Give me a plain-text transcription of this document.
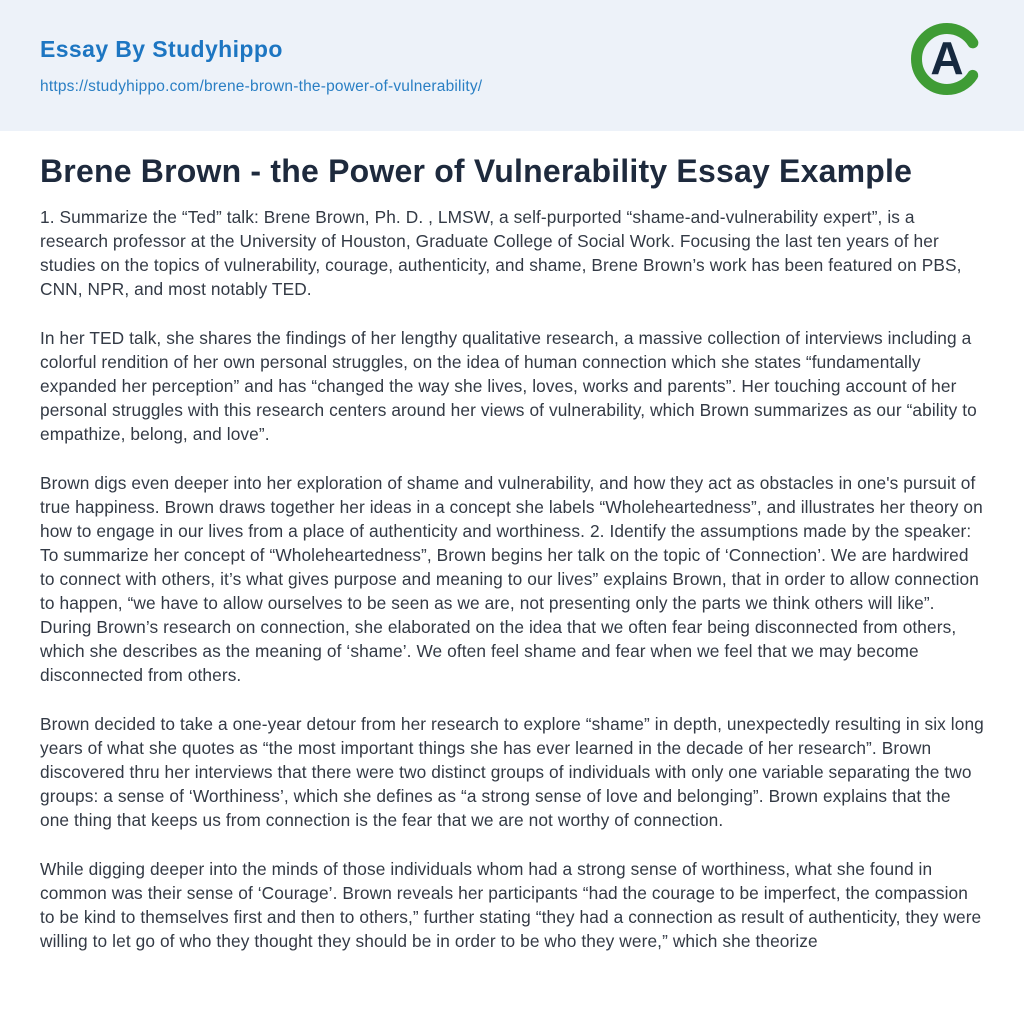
Essay By Studyhippo
https://studyhippo.com/brene-brown-the-power-of-vulnerability/
A
Brene Brown - the Power of Vulnerability Essay Example

1. Summarize the “Ted” talk: Brene Brown, Ph. D. , LMSW, a self-purported “shame-and-vulnerability expert”, is a research professor at the University of Houston, Graduate College of Social Work. Focusing the last ten years of her studies on the topics of vulnerability, courage, authenticity, and shame, Brene Brown’s work has been featured on PBS, CNN, NPR, and most notably TED.

In her TED talk, she shares the findings of her lengthy qualitative research, a massive collection of interviews including a colorful rendition of her own personal struggles, on the idea of human connection which she states “fundamentally expanded her perception” and has “changed the way she lives, loves, works and parents”. Her touching account of her personal struggles with this research centers around her views of vulnerability, which Brown summarizes as our “ability to empathize, belong, and love”.

Brown digs even deeper into her exploration of shame and vulnerability, and how they act as obstacles in one's pursuit of true happiness. Brown draws together her ideas in a concept she labels “Wholeheartedness”, and illustrates her theory on how to engage in our lives from a place of authenticity and worthiness. 2. Identify the assumptions made by the speaker: To summarize her concept of “Wholeheartedness”, Brown begins her talk on the topic of ‘Connection’. We are hardwired to connect with others, it’s what gives purpose and meaning to our lives” explains Brown, that in order to allow connection to happen, “we have to allow ourselves to be seen as we are, not presenting only the parts we think others will like”. During Brown’s research on connection, she elaborated on the idea that we often fear being disconnected from others, which she describes as the meaning of ‘shame’. We often feel shame and fear when we feel that we may become disconnected from others.

Brown decided to take a one-year detour from her research to explore “shame” in depth, unexpectedly resulting in six long years of what she quotes as “the most important things she has ever learned in the decade of her research”. Brown discovered thru her interviews that there were two distinct groups of individuals with only one variable separating the two groups: a sense of ‘Worthiness’, which she defines as “a strong sense of love and belonging”. Brown explains that the one thing that keeps us from connection is the fear that we are not worthy of connection.

While digging deeper into the minds of those individuals whom had a strong sense of worthiness, what she found in common was their sense of ‘Courage’. Brown reveals her participants “had the courage to be imperfect, the compassion to be kind to themselves first and then to others,” further stating “they had a connection as result of authenticity, they were willing to let go of who they thought they should be in order to be who they were,” which she theorize
